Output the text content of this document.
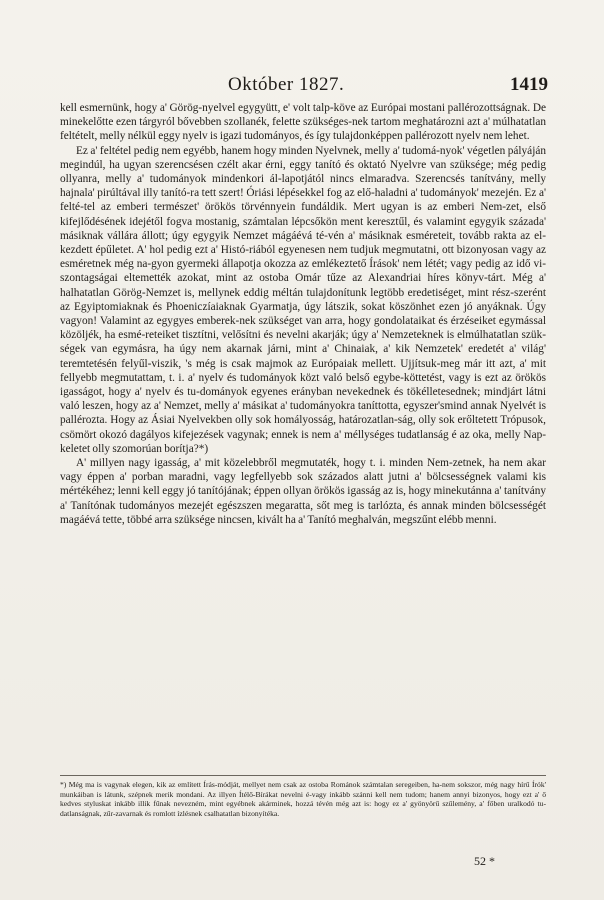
Október 1827.	1419

kell esmernünk, hogy a' Görög-nyelvel egygyütt, e' volt talp-köve az Európai mostani pallérozottságnak. De minekelőtte ezen tárgyról bővebben szollanék, felette szükséges-nek tartom meghatározni azt a' múlhatatlan feltételt, melly nélkül eggy nyelv is igazi tudományos, és így tulajdonképpen pallérozott nyelv nem lehet.

Ez a' feltétel pedig nem egyébb, hanem hogy minden Nyelvnek, melly a' tudomá-nyok' végetlen pályáján megindúl, ha ugyan szerencsésen czélt akar érni, eggy tanító és oktató Nyelvre van szüksége; még pedig ollyanra, melly a' tudományok mindenkori ál-lapotjától nincs elmaradva. Szerencsés tanítvány, melly hajnala' pirúltával illy tanító-ra tett szert! Óriási lépésekkel fog az elő-haladni a' tudományok' mezején. Ez a' felté-tel az emberi természet' örökös törvénnyein fundáldik. Mert ugyan is az emberi Nem-zet, első kifejlődésének idejétől fogva mostanig, számtalan lépcsőkön ment keresztűl, és valamint egygyik százada' másiknak vállára állott; úgy egygyik Nemzet mágáévá té-vén a' másiknak esméreteit, tovább rakta az el-kezdett épűletet. A' hol pedig ezt a' Histó-riából egyenesen nem tudjuk megmutatni, ott bizonyosan vagy az esméretnek még na-gyon gyermeki állapotja okozza az emlékeztető Írások' nem létét; vagy pedig az idő vi-szontagságai eltemették azokat, mint az ostoba Omár tűze az Alexandriai híres könyv-tárt. Még a' halhatatlan Görög-Nemzet is, mellynek eddig méltán tulajdonítunk legtöbb eredetiséget, mint rész-szerént az Egyiptomiaknak és Phoeniczíaiaknak Gyarmatja, úgy látszik, sokat köszönhet ezen jó anyáknak. Úgy vagyon! Valamint az egygyes emberek-nek szükséget van arra, hogy gondolataikat és érzéseiket egymással közöljék, ha esmé-reteiket tisztítni, velősítni és nevelni akarják; úgy a' Nemzeteknek is elmúlhatatlan szük-ségek van egymásra, ha úgy nem akarnak járni, mint a' Chinaiak, a' kik Nemzetek' eredetét a' világ' teremtetésén felyűl-viszik, 's még is csak majmok az Európaiak mellett. Ujjítsuk-meg már itt azt, a' mit fellyebb megmutattam, t. i. a' nyelv és tudományok közt való belső egybe-köttetést, vagy is ezt az örökös igasságot, hogy a' nyelv és tu-dományok egyenes erányban nevekednek és tökélletesednek; mindjárt látni való leszen, hogy az a' Nemzet, melly a' másikat a' tudományokra taníttotta, egyszer'smind annak Nyelvét is pallérozta. Hogy az Ásiai Nyelvekben olly sok homályosság, határozatlan-ság, olly sok erőltetett Trópusok, csömört okozó dagályos kifejezések vagynak; ennek is nem a' méllységes tudatlanság é az oka, melly Nap-keletet olly szomorúan borítja?*)

A' millyen nagy igasság, a' mit közelebbről megmutaték, hogy t. i. minden Nem-zetnek, ha nem akar vagy éppen a' porban maradni, vagy legfellyebb sok százados alatt jutni a' bölcsességnek valami kis mértékéhez; lenni kell eggy jó tanítójának; éppen ollyan örökös igasság az is, hogy minekutánna a' tanítvány a' Tanítónak tudományos mezejét egészszen megaratta, sőt meg is tarlózta, és annak minden bölcsességét magáévá tette, többé arra szüksége nincsen, kivált ha a' Tanító meghalván, megszűnt elébb menni.

*) Még ma is vagynak elegen, kik az említett Írás-módját, mellyet nem csak az ostoba Románok számtalan seregeiben, ha-nem sokszor, még nagy hírű Írók' munkáiban is látunk, szépnek merik mondani. Az illyen Ítélő-Bírákat nevelni é-vagy inkább szánni kell nem tudom; hanem annyi bizonyos, hogy ezt a' ő kedves styluskat inkább illik fűnak nevezném, mint egyébnek akárminek, hozzá tévén még azt is: hogy ez a' gyönyörű szűlemény, a' főben uralkodó tu-datlanságnak, zűr-zavarnak és romlott ízlésnek csalhatatlan bizonyítéka.
52 *
